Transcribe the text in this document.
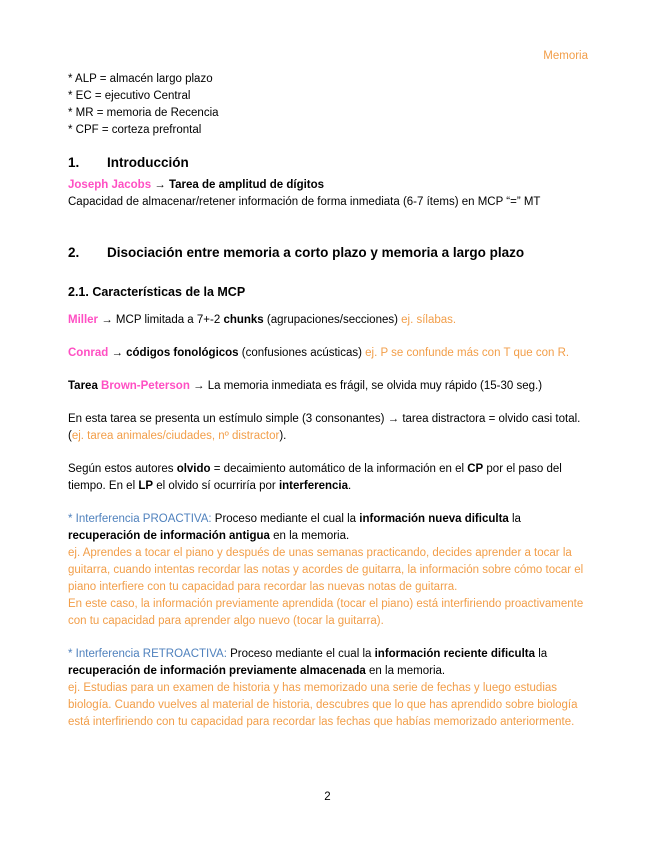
Memoria

* ALP = almacén largo plazo

* EC = ejecutivo Central

* MR = memoria de Recencia

* CPF = corteza prefrontal

1. Introducción

Joseph Jacobs → Tarea de amplitud de dígitos

Capacidad de almacenar/retener información de forma inmediata (6-7 ítems) en MCP “=” MT

2. Disociación entre memoria a corto plazo y memoria a largo plazo
2.1. Características de la MCP

Miller → MCP limitada a 7+-2 chunks (agrupaciones/secciones) ej. sílabas.

Conrad → códigos fonológicos (confusiones acústicas) ej. P se confunde más con T que con R.

Tarea Brown-Peterson → La memoria inmediata es frágil, se olvida muy rápido (15-30 seg.)

En esta tarea se presenta un estímulo simple (3 consonantes) → tarea distractora = olvido casi total. (ej. tarea animales/ciudades, nº distractor).

Según estos autores olvido = decaimiento automático de la información en el CP por el paso del tiempo. En el LP el olvido sí ocurriría por interferencia.

* Interferencia PROACTIVA: Proceso mediante el cual la información nueva dificulta la recuperación de información antigua en la memoria.

ej. Aprendes a tocar el piano y después de unas semanas practicando, decides aprender a tocar la guitarra, cuando intentas recordar las notas y acordes de guitarra, la información sobre cómo tocar el piano interfiere con tu capacidad para recordar las nuevas notas de guitarra.

En este caso, la información previamente aprendida (tocar el piano) está interfiriendo proactivamente con tu capacidad para aprender algo nuevo (tocar la guitarra).

* Interferencia RETROACTIVA: Proceso mediante el cual la información reciente dificulta la recuperación de información previamente almacenada en la memoria.

ej. Estudias para un examen de historia y has memorizado una serie de fechas y luego estudias biología. Cuando vuelves al material de historia, descubres que lo que has aprendido sobre biología está interfiriendo con tu capacidad para recordar las fechas que habías memorizado anteriormente.

2
